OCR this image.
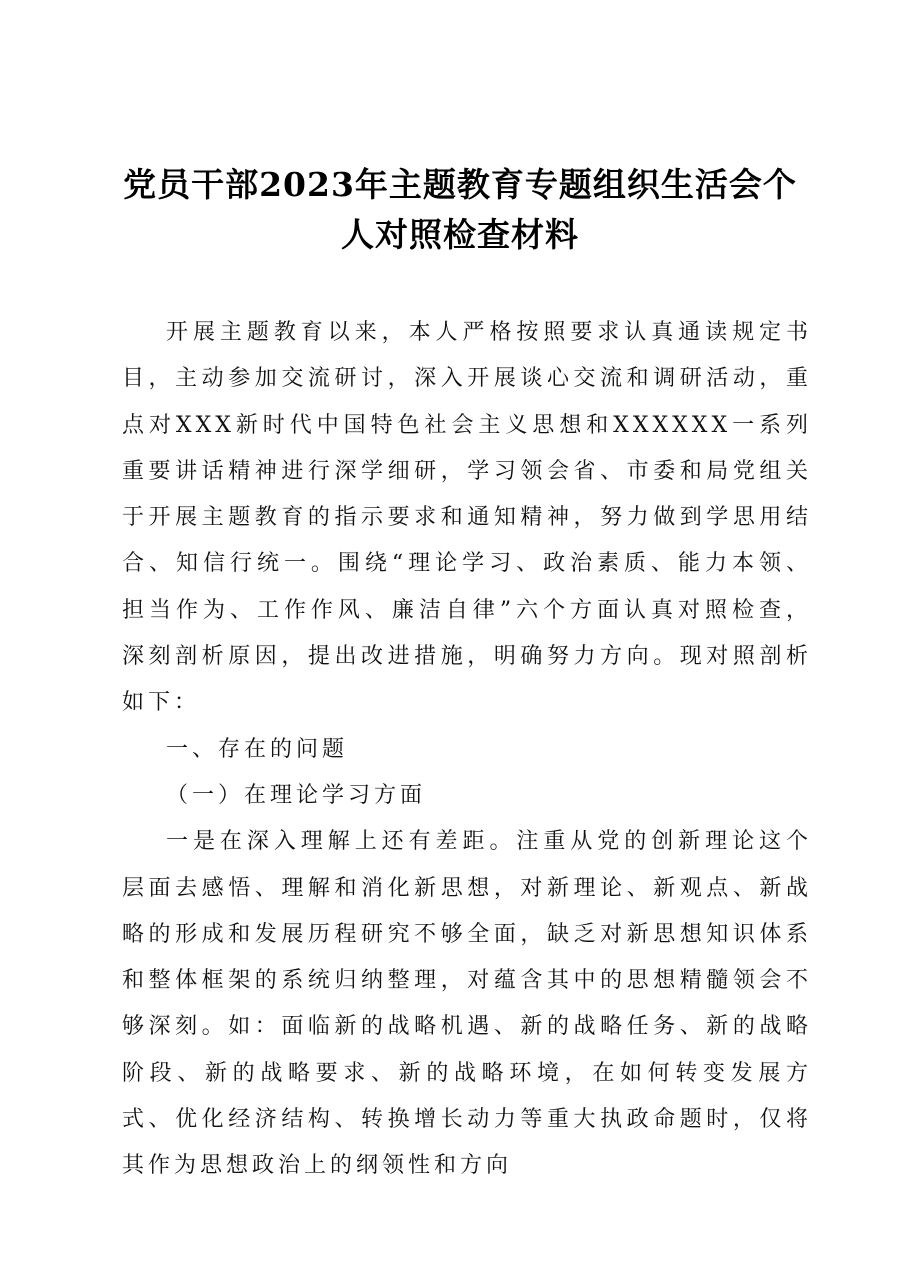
党员干部2023年主题教育专题组织生活会个人对照检查材料

开展主题教育以来，本人严格按照要求认真通读规定书目，主动参加交流研讨，深入开展谈心交流和调研活动，重点对XXX新时代中国特色社会主义思想和XXXXXX一系列重要讲话精神进行深学细研，学习领会省、市委和局党组关于开展主题教育的指示要求和通知精神，努力做到学思用结合、知信行统一。围绕“理论学习、政治素质、能力本领、担当作为、工作作风、廉洁自律”六个方面认真对照检查，深刻剖析原因，提出改进措施，明确努力方向。现对照剖析如下：

一、存在的问题

（一）在理论学习方面

一是在深入理解上还有差距。注重从党的创新理论这个层面去感悟、理解和消化新思想，对新理论、新观点、新战略的形成和发展历程研究不够全面，缺乏对新思想知识体系和整体框架的系统归纳整理，对蕴含其中的思想精髓领会不够深刻。如：面临新的战略机遇、新的战略任务、新的战略阶段、新的战略要求、新的战略环境，在如何转变发展方式、优化经济结构、转换增长动力等重大执政命题时，仅将其作为思想政治上的纲领性和方向
